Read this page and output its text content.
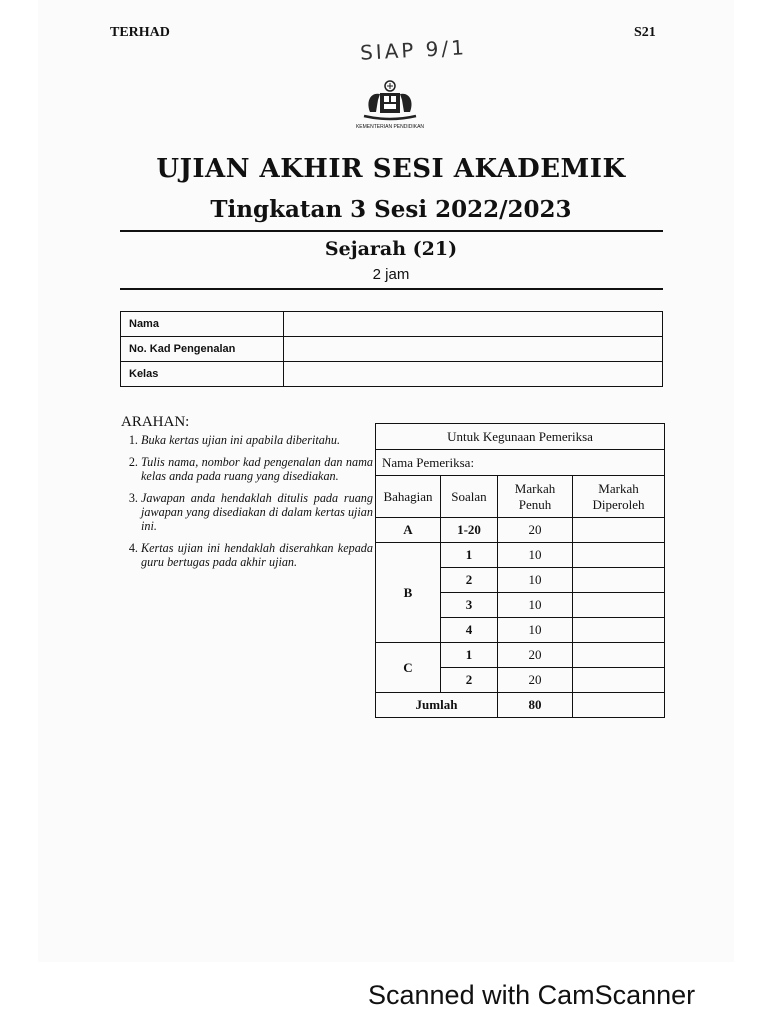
TERHAD	S21
SIAP 9/1
KEMENTERIAN PENDIDIKAN
UJIAN AKHIR SESI AKADEMIK
Tingkatan 3 Sesi 2022/2023
Sejarah (21)
2 jam
Nama	
No. Kad Pengenalan	
Kelas	
ARAHAN:
1. Buka kertas ujian ini apabila diberitahu.
2. Tulis nama, nombor kad pengenalan dan nama kelas anda pada ruang yang disediakan.
3. Jawapan anda hendaklah ditulis pada ruang jawapan yang disediakan di dalam kertas ujian ini.
4. Kertas ujian ini hendaklah diserahkan kepada guru bertugas pada akhir ujian.
Untuk Kegunaan Pemeriksa			
Nama Pemeriksa:			
Bahagian	Soalan	Markah Penuh	Markah Diperoleh
A	1-20	20	
B	1	10	
	2	10	
	3	10	
	4	10	
C	1	20	
	2	20	
Jumlah		80	
Scanned with CamScanner
